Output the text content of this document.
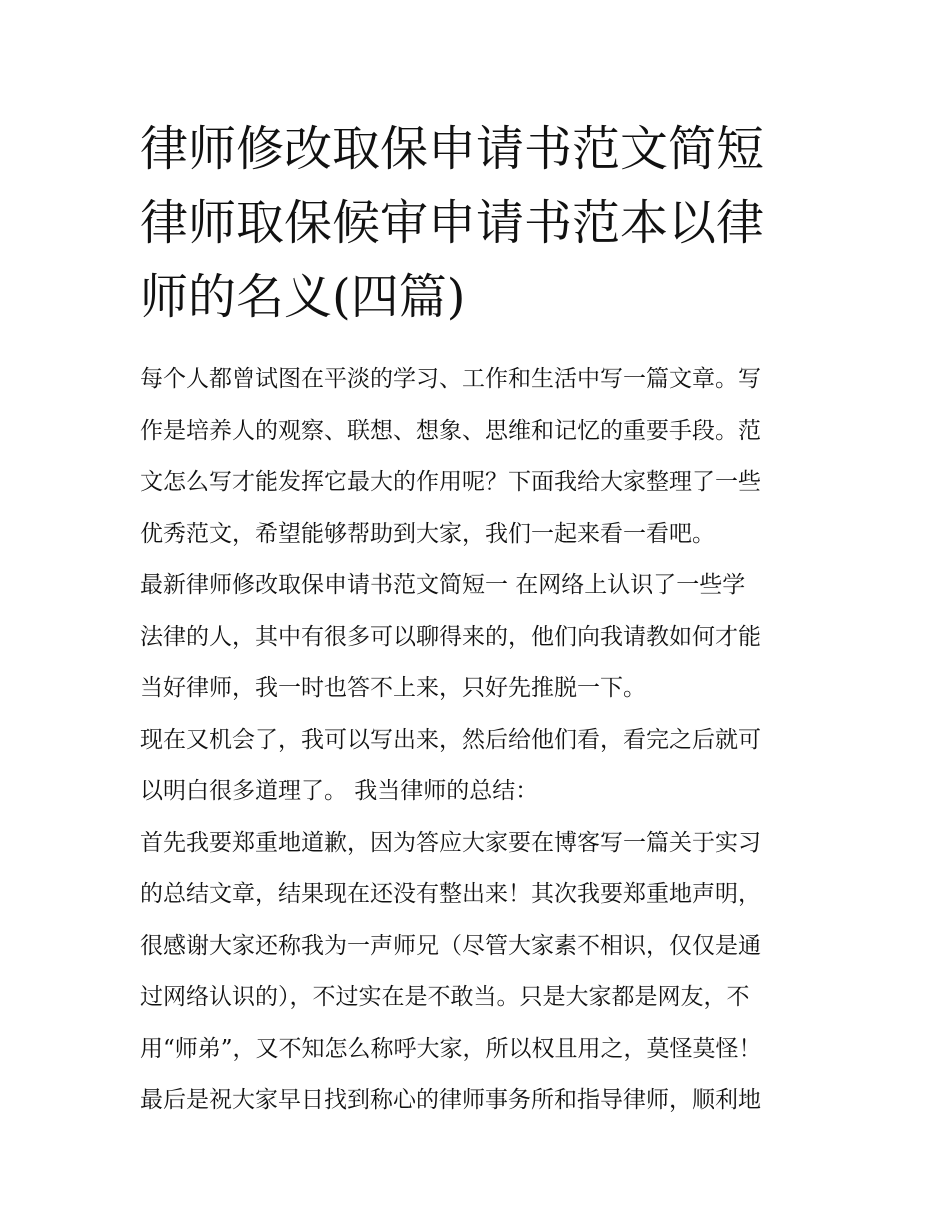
律师修改取保申请书范文简短
律师取保候审申请书范本以律
师的名义(四篇)
每个人都曾试图在平淡的学习、工作和生活中写一篇文章。写
作是培养人的观察、联想、想象、思维和记忆的重要手段。范
文怎么写才能发挥它最大的作用呢？下面我给大家整理了一些
优秀范文，希望能够帮助到大家，我们一起来看一看吧。
最新律师修改取保申请书范文简短一 在网络上认识了一些学
法律的人，其中有很多可以聊得来的，他们向我请教如何才能
当好律师，我一时也答不上来，只好先推脱一下。
现在又机会了，我可以写出来，然后给他们看，看完之后就可
以明白很多道理了。 我当律师的总结：
首先我要郑重地道歉，因为答应大家要在博客写一篇关于实习
的总结文章，结果现在还没有整出来！其次我要郑重地声明，
很感谢大家还称我为一声师兄（尽管大家素不相识，仅仅是通
过网络认识的），不过实在是不敢当。只是大家都是网友，不
用“师弟”，又不知怎么称呼大家，所以权且用之，莫怪莫怪！
最后是祝大家早日找到称心的律师事务所和指导律师，顺利地
